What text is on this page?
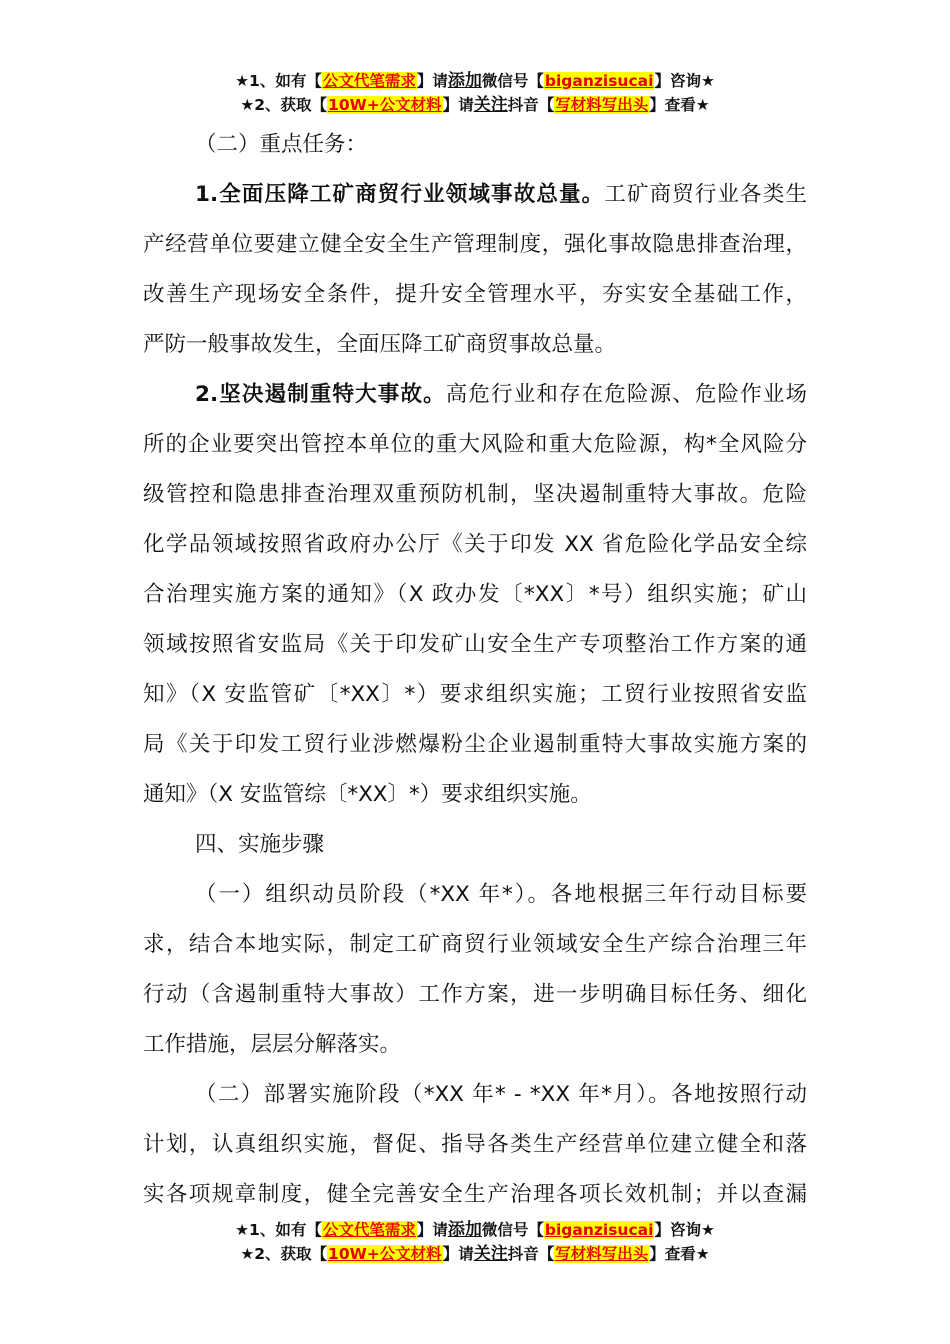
★1、如有【公文代笔需求】请添加微信号【biganzisucai】咨询★
★2、获取【10W+公文材料】请关注抖音【写材料写出头】查看★
（二）重点任务：
1.全面压降工矿商贸行业领域事故总量。工矿商贸行业各类生
产经营单位要建立健全安全生产管理制度，强化事故隐患排查治理，
改善生产现场安全条件，提升安全管理水平，夯实安全基础工作，
严防一般事故发生，全面压降工矿商贸事故总量。
2.坚决遏制重特大事故。高危行业和存在危险源、危险作业场
所的企业要突出管控本单位的重大风险和重大危险源，构*全风险分
级管控和隐患排查治理双重预防机制，坚决遏制重特大事故。危险
化学品领域按照省政府办公厅《关于印发 XX 省危险化学品安全综
合治理实施方案的通知》（X 政办发〔*XX〕*号）组织实施；矿山
领域按照省安监局《关于印发矿山安全生产专项整治工作方案的通
知》（X 安监管矿〔*XX〕*）要求组织实施；工贸行业按照省安监
局《关于印发工贸行业涉燃爆粉尘企业遏制重特大事故实施方案的
通知》（X 安监管综〔*XX〕*）要求组织实施。
四、实施步骤
（一）组织动员阶段（*XX 年*）。各地根据三年行动目标要
求，结合本地实际，制定工矿商贸行业领域安全生产综合治理三年
行动（含遏制重特大事故）工作方案，进一步明确目标任务、细化
工作措施，层层分解落实。
（二）部署实施阶段（*XX 年* - *XX 年*月）。各地按照行动
计划，认真组织实施，督促、指导各类生产经营单位建立健全和落
实各项规章制度，健全完善安全生产治理各项长效机制；并以查漏
★1、如有【公文代笔需求】请添加微信号【biganzisucai】咨询★
★2、获取【10W+公文材料】请关注抖音【写材料写出头】查看★
